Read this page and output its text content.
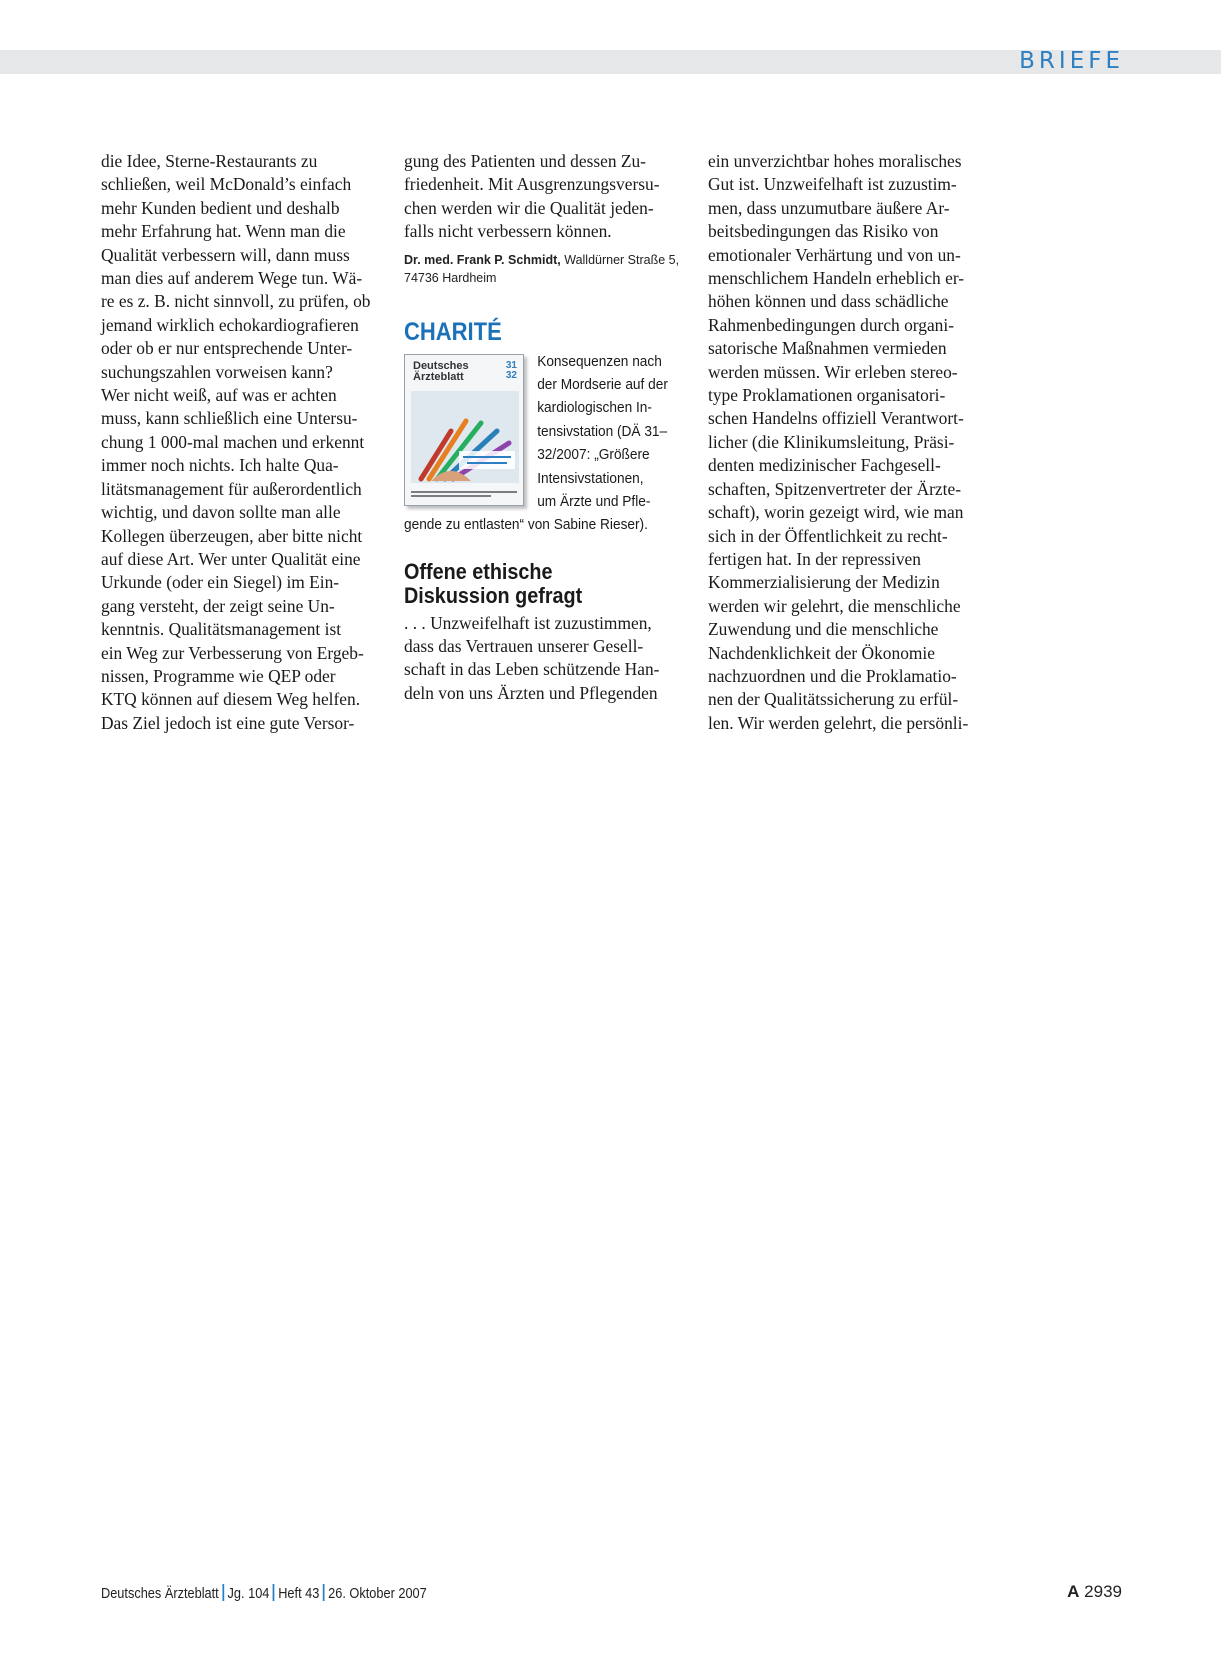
BRIEFE
die Idee, Sterne-Restaurants zu
schließen, weil McDonald’s einfach
mehr Kunden bedient und deshalb
mehr Erfahrung hat. Wenn man die
Qualität verbessern will, dann muss
man dies auf anderem Wege tun. Wä-
re es z. B. nicht sinnvoll, zu prüfen, ob
jemand wirklich echokardiografieren
oder ob er nur entsprechende Unter-
suchungszahlen vorweisen kann?
Wer nicht weiß, auf was er achten
muss, kann schließlich eine Untersu-
chung 1 000-mal machen und erkennt
immer noch nichts. Ich halte Qua-
litätsmanagement für außerordentlich
wichtig, und davon sollte man alle
Kollegen überzeugen, aber bitte nicht
auf diese Art. Wer unter Qualität eine
Urkunde (oder ein Siegel) im Ein-
gang versteht, der zeigt seine Un-
kenntnis. Qualitätsmanagement ist
ein Weg zur Verbesserung von Ergeb-
nissen, Programme wie QEP oder
KTQ können auf diesem Weg helfen.
Das Ziel jedoch ist eine gute Versor-
gung des Patienten und dessen Zu-
friedenheit. Mit Ausgrenzungsversu-
chen werden wir die Qualität jeden-
falls nicht verbessern können.
Dr. med. Frank P. Schmidt, Walldürner Straße 5,
74736 Hardheim
CHARITÉ
Deutsches
Ärzteblatt
31
32
Konsequenzen nach
der Mordserie auf der
kardiologischen In-
tensivstation (DÄ 31–
32/2007: „Größere
Intensivstationen,
um Ärzte und Pfle-
gende zu entlasten“ von Sabine Rieser).
Offene ethische
Diskussion gefragt
. . . Unzweifelhaft ist zuzustimmen,
dass das Vertrauen unserer Gesell-
schaft in das Leben schützende Han-
deln von uns Ärzten und Pflegenden
ein unverzichtbar hohes moralisches
Gut ist. Unzweifelhaft ist zuzustim-
men, dass unzumutbare äußere Ar-
beitsbedingungen das Risiko von
emotionaler Verhärtung und von un-
menschlichem Handeln erheblich er-
höhen können und dass schädliche
Rahmenbedingungen durch organi-
satorische Maßnahmen vermieden
werden müssen. Wir erleben stereo-
type Proklamationen organisatori-
schen Handelns offiziell Verantwort-
licher (die Klinikumsleitung, Präsi-
denten medizinischer Fachgesell-
schaften, Spitzenvertreter der Ärzte-
schaft), worin gezeigt wird, wie man
sich in der Öffentlichkeit zu recht-
fertigen hat. In der repressiven
Kommerzialisierung der Medizin
werden wir gelehrt, die menschliche
Zuwendung und die menschliche
Nachdenklichkeit der Ökonomie
nachzuordnen und die Proklamatio-
nen der Qualitätssicherung zu erfül-
len. Wir werden gelehrt, die persönli-
Deutsches Ärzteblatt Jg. 104 Heft 43 26. Oktober 2007	A 2939
